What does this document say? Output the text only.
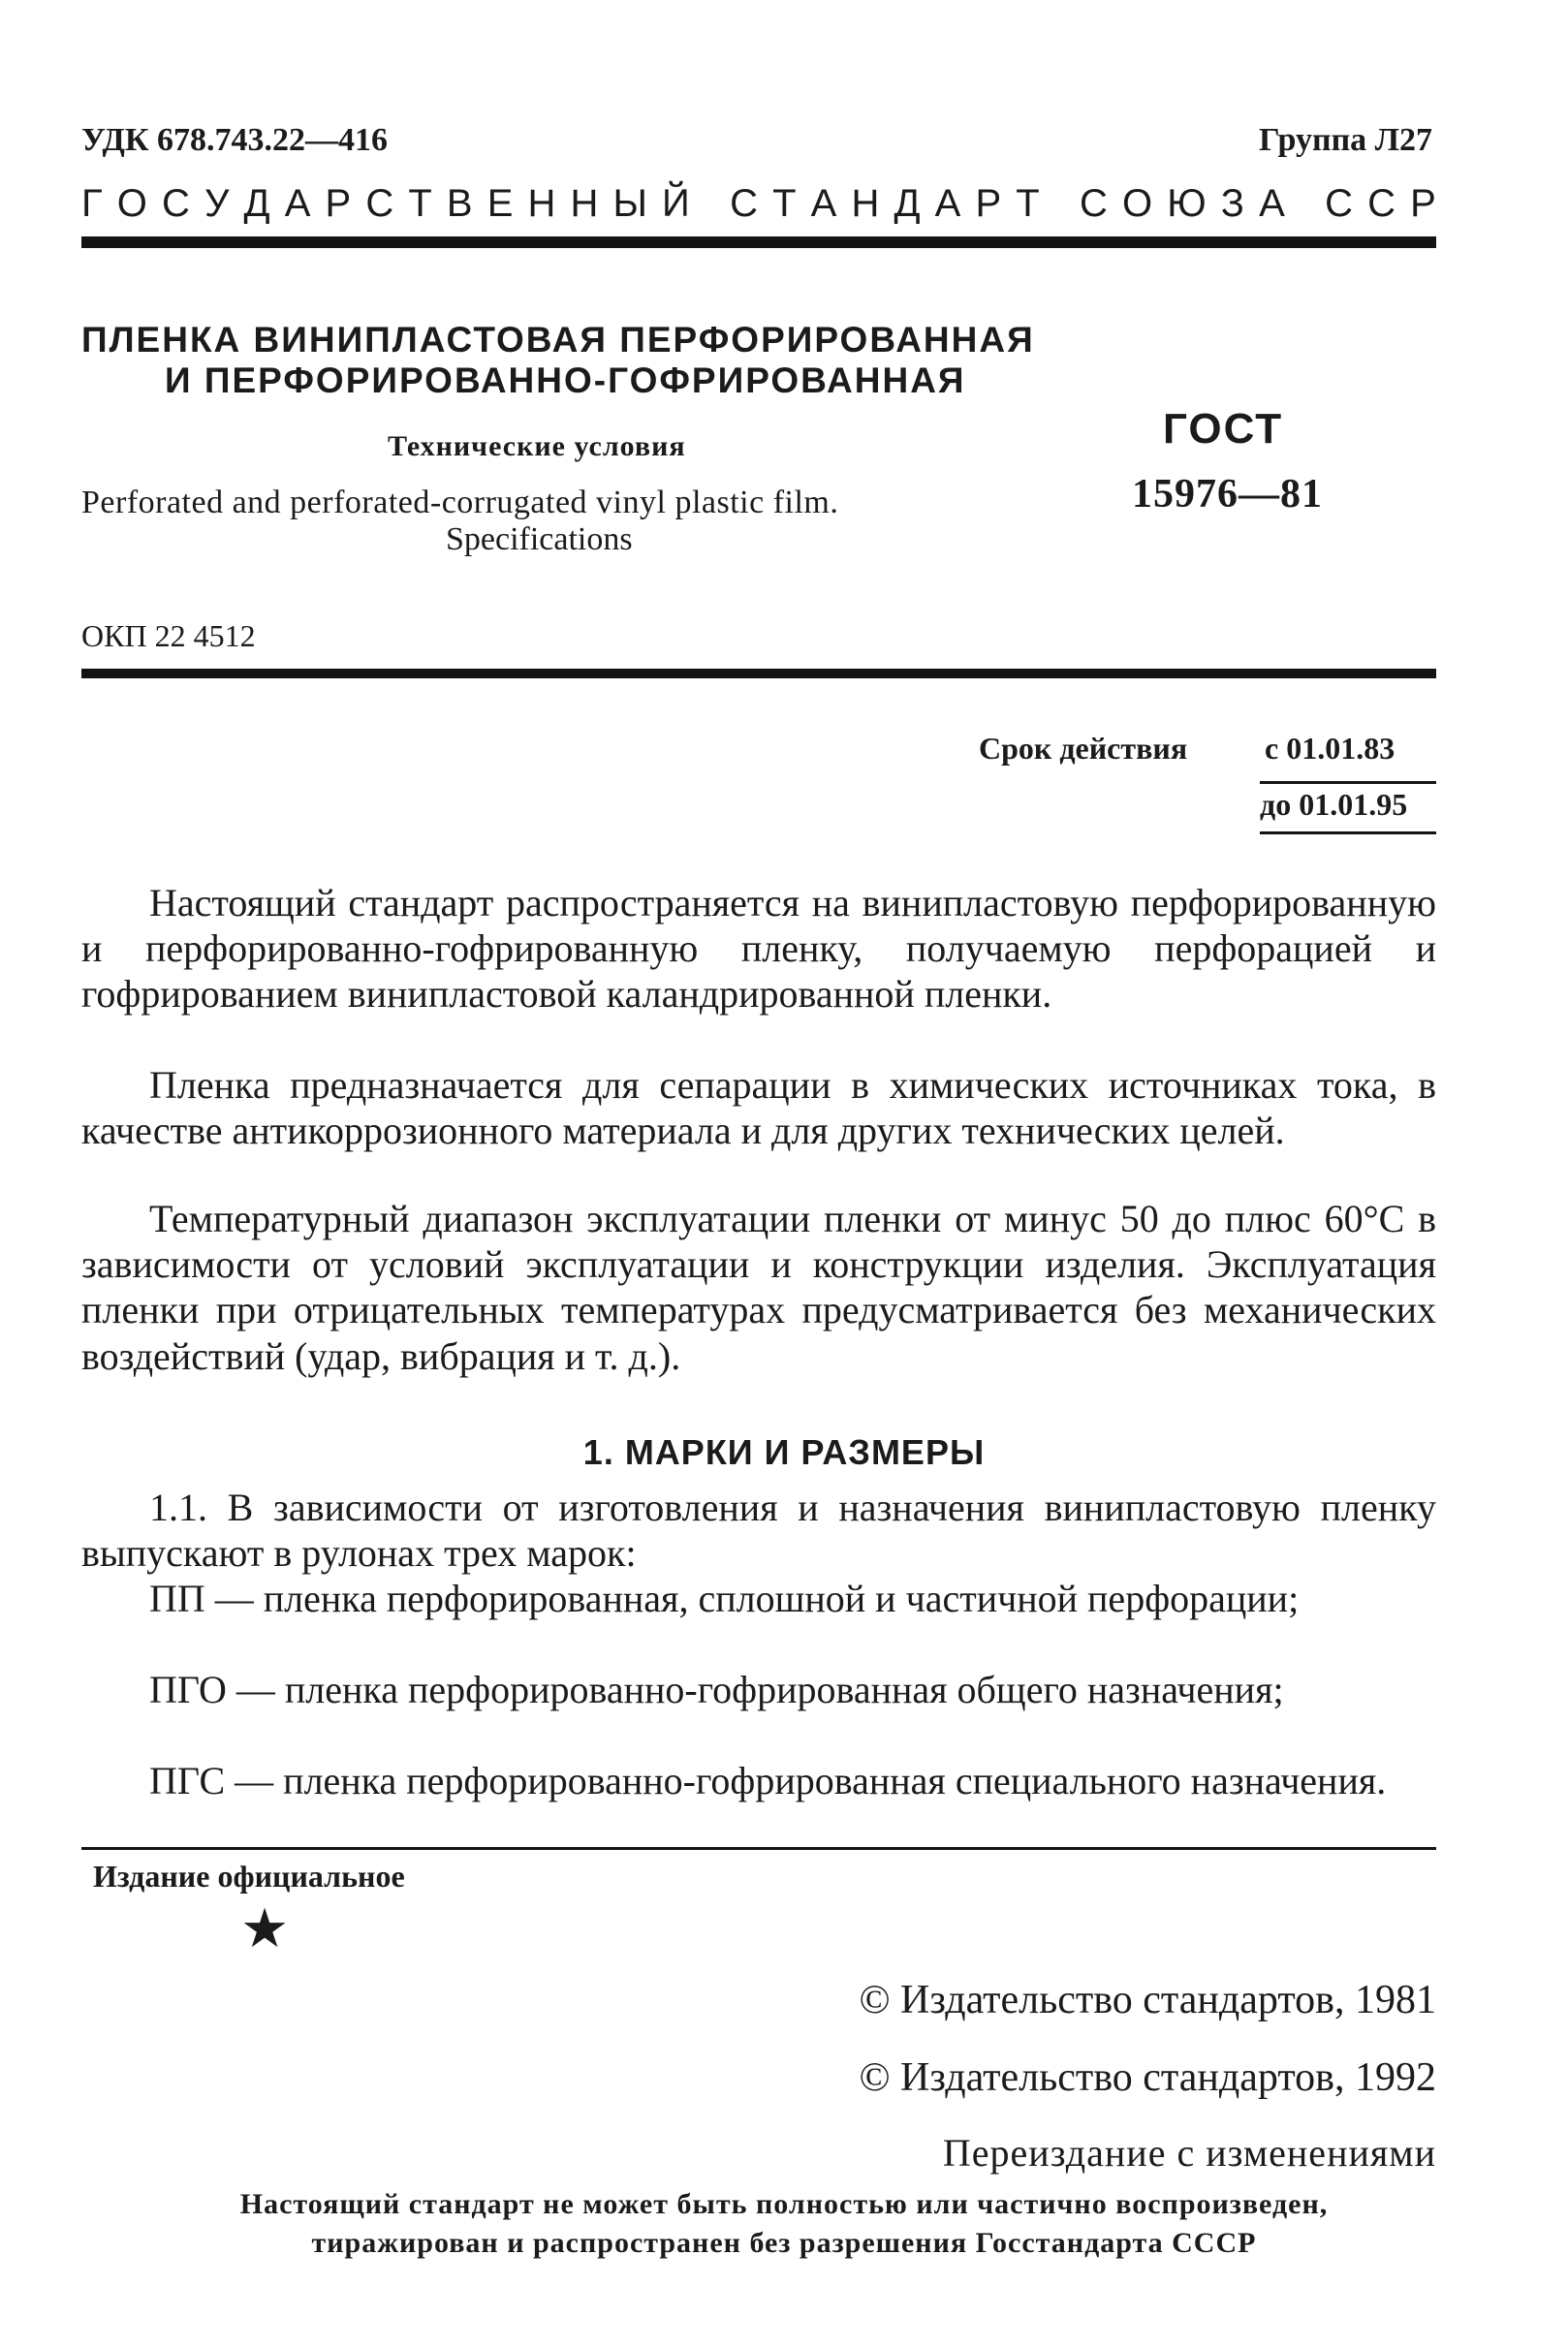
УДК 678.743.22—416	Группа Л27
Г О С У Д А Р С Т В Е Н Н Ы Й
С Т А Н Д А Р Т
С О Ю З А
С С Р
ПЛЕНКА ВИНИПЛАСТОВАЯ ПЕРФОРИРОВАННАЯ
И ПЕРФОРИРОВАННО-ГОФРИРОВАННАЯ
Технические условия
Perforated and perforated-corrugated vinyl plastic film.
Specifications
ГОСТ
15976—81
ОКП 22 4512
Срок действия с 01.01.83
до 01.01.95

Настоящий стандарт распространяется на винипластовую перфорированную и перфорированно-гофрированную пленку, получаемую перфорацией и гофрированием винипластовой каландрированной пленки.

Пленка предназначается для сепарации в химических источниках тока, в качестве антикоррозионного материала и для других технических целей.

Температурный диапазон эксплуатации пленки от минус 50 до плюс 60°С в зависимости от условий эксплуатации и конструкции изделия. Эксплуатация пленки при отрицательных температурах предусматривается без механических воздействий (удар, вибрация и т. д.).

1. МАРКИ И РАЗМЕРЫ

1.1. В зависимости от изготовления и назначения винипластовую пленку выпускают в рулонах трех марок:

ПП — пленка перфорированная, сплошной и частичной перфорации;

ПГО — пленка перфорированно-гофрированная общего назначения;

ПГС — пленка перфорированно-гофрированная специального назначения.

Издание официальное
★
© Издательство стандартов, 1981
© Издательство стандартов, 1992
Переиздание с изменениями
Настоящий стандарт не может быть полностью или частично воспроизведен,
тиражирован и распространен без разрешения Госстандарта СССР
